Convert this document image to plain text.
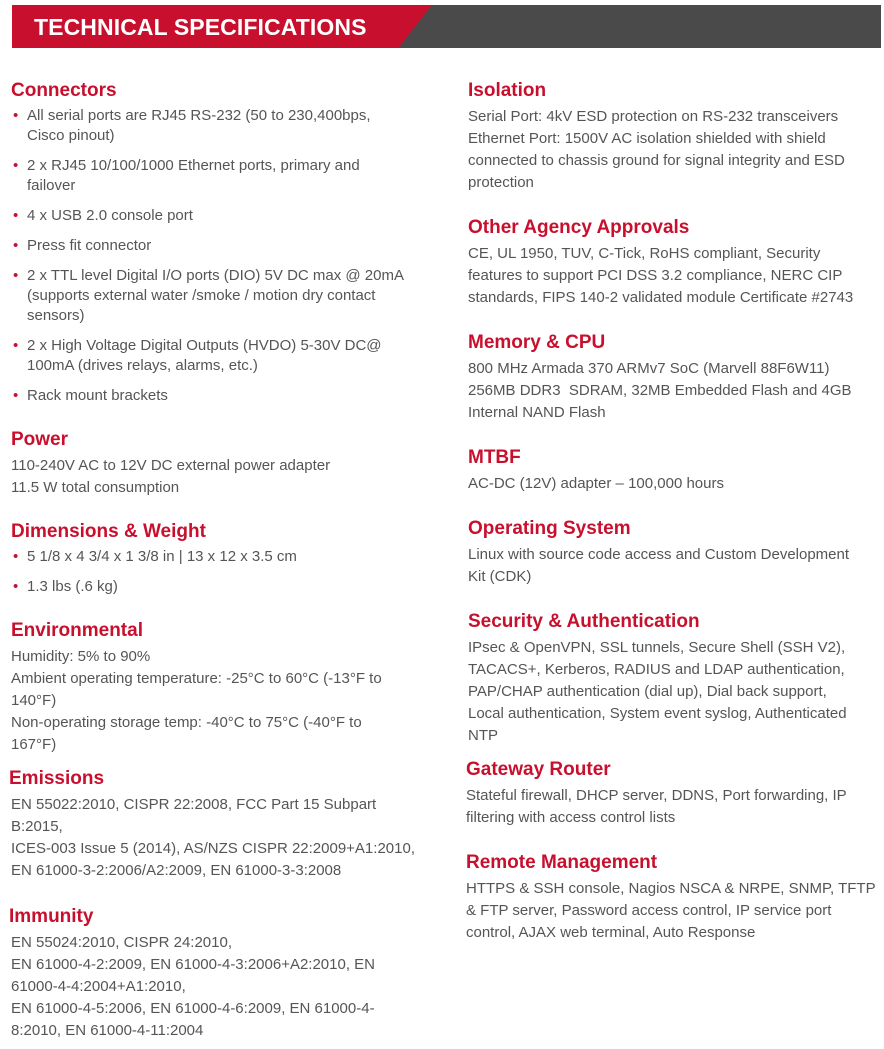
TECHNICAL SPECIFICATIONS
Connectors
• All serial ports are RJ45 RS-232 (50 to 230,400bps, Cisco pinout)
• 2 x RJ45 10/100/1000 Ethernet ports, primary and failover
• 4 x USB 2.0 console port
• Press fit connector
• 2 x TTL level Digital I/O ports (DIO) 5V DC max @ 20mA (supports external water /smoke / motion dry contact sensors)
• 2 x High Voltage Digital Outputs (HVDO) 5-30V DC@ 100mA (drives relays, alarms, etc.)
• Rack mount brackets
Power
110-240V AC to 12V DC external power adapter
11.5 W total consumption
Dimensions & Weight
• 5 1/8 x 4 3/4 x 1 3/8 in | 13 x 12 x 3.5 cm
• 1.3 lbs (.6 kg)
Environmental
Humidity: 5% to 90%
Ambient operating temperature: -25°C to 60°C (-13°F to
140°F)
Non-operating storage temp: -40°C to 75°C (-40°F to
167°F)
Emissions
EN 55022:2010, CISPR 22:2008, FCC Part 15 Subpart
B:2015,
ICES-003 Issue 5 (2014), AS/NZS CISPR 22:2009+A1:2010,
EN 61000-3-2:2006/A2:2009, EN 61000-3-3:2008
Immunity
EN 55024:2010, CISPR 24:2010,
EN 61000-4-2:2009, EN 61000-4-3:2006+A2:2010, EN
61000-4-4:2004+A1:2010,
EN 61000-4-5:2006, EN 61000-4-6:2009, EN 61000-4-
8:2010, EN 61000-4-11:2004
Isolation
Serial Port: 4kV ESD protection on RS-232 transceivers
Ethernet Port: 1500V AC isolation shielded with shield
connected to chassis ground for signal integrity and ESD
protection
Other Agency Approvals
CE, UL 1950, TUV, C-Tick, RoHS compliant, Security
features to support PCI DSS 3.2 compliance, NERC CIP
standards, FIPS 140-2 validated module Certificate #2743
Memory & CPU
800 MHz Armada 370 ARMv7 SoC (Marvell 88F6W11)
256MB DDR3  SDRAM, 32MB Embedded Flash and 4GB
Internal NAND Flash
MTBF
AC-DC (12V) adapter – 100,000 hours
Operating System
Linux with source code access and Custom Development
Kit (CDK)
Security & Authentication
IPsec & OpenVPN, SSL tunnels, Secure Shell (SSH V2),
TACACS+, Kerberos, RADIUS and LDAP authentication,
PAP/CHAP authentication (dial up), Dial back support,
Local authentication, System event syslog, Authenticated
NTP
Gateway Router
Stateful firewall, DHCP server, DDNS, Port forwarding, IP
filtering with access control lists
Remote Management
HTTPS & SSH console, Nagios NSCA & NRPE, SNMP, TFTP
& FTP server, Password access control, IP service port
control, AJAX web terminal, Auto Response
